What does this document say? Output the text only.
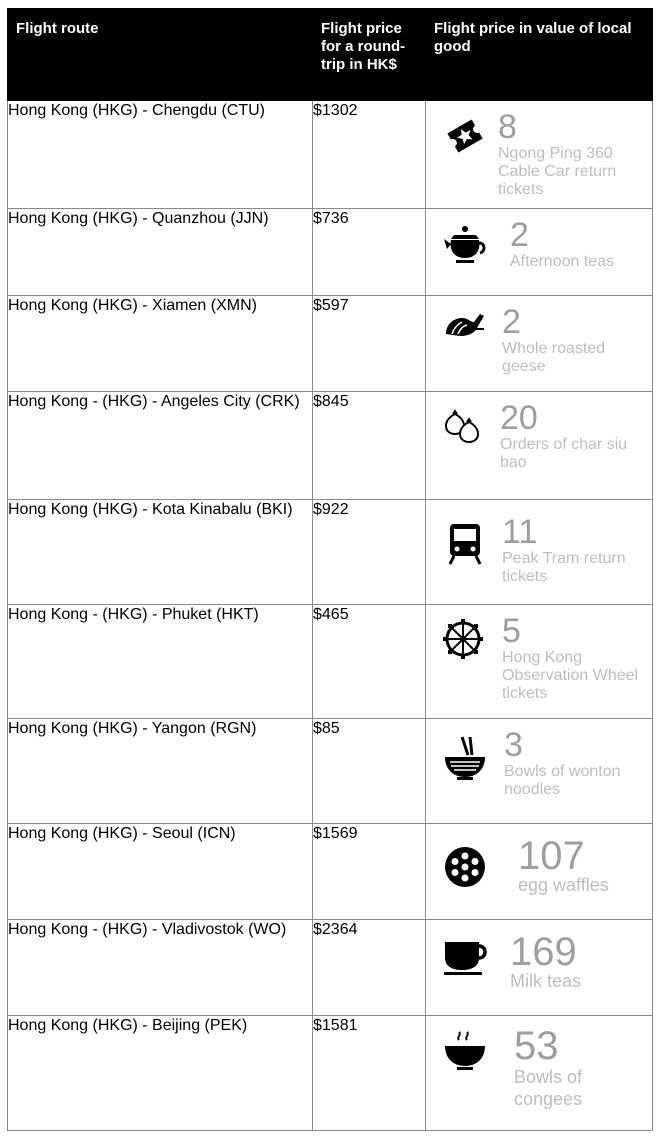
Flight route	Flight price for a round-trip in HK$	Flight price in value of local good
Hong Kong (HKG) - Chengdu (CTU)	$1302	8
Ngong Ping 360 Cable Car return tickets

Hong Kong (HKG) - Quanzhou (JJN)	$736	2
Afternoon teas

Hong Kong (HKG) - Xiamen (XMN)	$597	2
Whole roasted geese

Hong Kong - (HKG) - Angeles City (CRK)	$845	20
Orders of char siu bao

Hong Kong (HKG) - Kota Kinabalu (BKI)	$922	11
Peak Tram return tickets

Hong Kong - (HKG) - Phuket (HKT)	$465	5
Hong Kong Observation Wheel tickets

Hong Kong (HKG) - Yangon (RGN)	$85	3
Bowls of wonton noodles

Hong Kong (HKG) - Seoul (ICN)	$1569	107
egg waffles

Hong Kong - (HKG) - Vladivostok (WO)	$2364	169
Milk teas

Hong Kong (HKG) - Beijing (PEK)	$1581	53
Bowls of congees
